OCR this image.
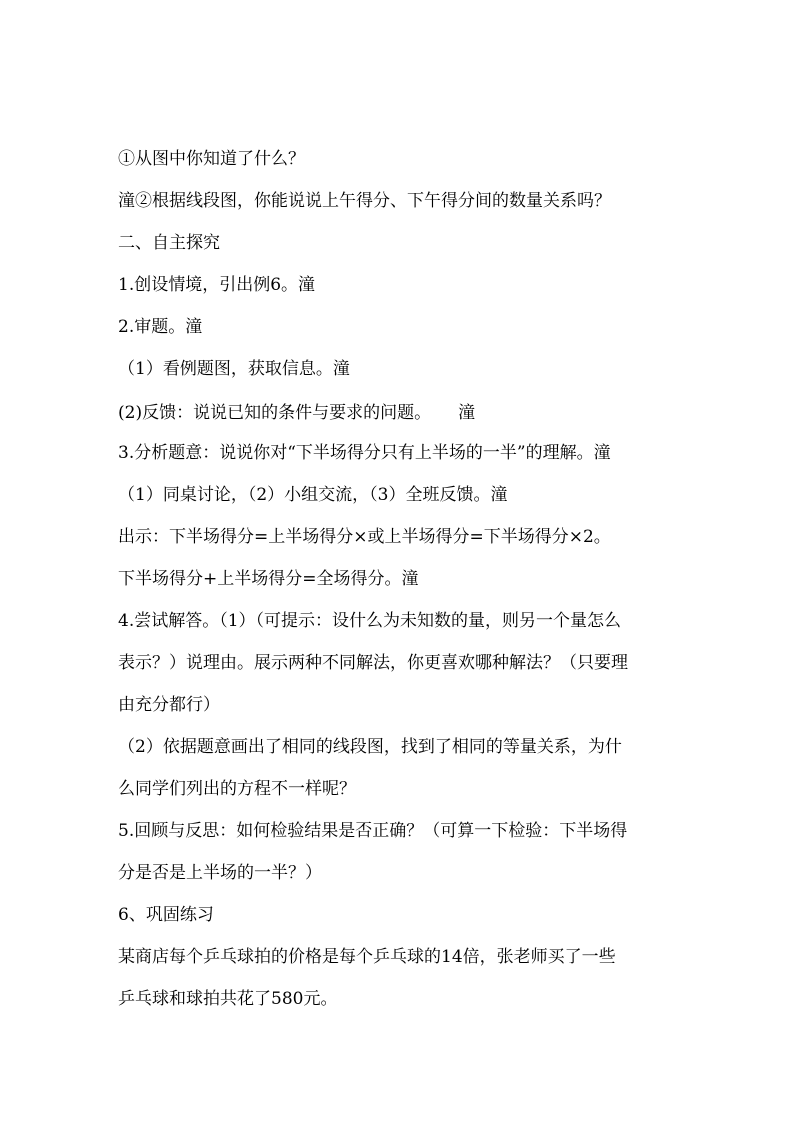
①从图中你知道了什么？
潼②根据线段图，你能说说上午得分、下午得分间的数量关系吗？
二、自主探究
1.创设情境，引出例6。潼
2.审题。潼
（1）看例题图，获取信息。潼
(2)反馈：说说已知的条件与要求的问题。     潼
3.分析题意：说说你对“下半场得分只有上半场的一半”的理解。潼
（1）同桌讨论，（2）小组交流，（3）全班反馈。潼
出示：下半场得分=上半场得分×或上半场得分=下半场得分×2。
下半场得分+上半场得分=全场得分。潼
4.尝试解答。（1）（可提示：设什么为未知数的量，则另一个量怎么
表示？）说理由。展示两种不同解法，你更喜欢哪种解法？（只要理
由充分都行）
（2）依据题意画出了相同的线段图，找到了相同的等量关系，为什
么同学们列出的方程不一样呢？
5.回顾与反思：如何检验结果是否正确？（可算一下检验：下半场得
分是否是上半场的一半？）
6、巩固练习
某商店每个乒乓球拍的价格是每个乒乓球的14倍，张老师买了一些
乒乓球和球拍共花了580元。
